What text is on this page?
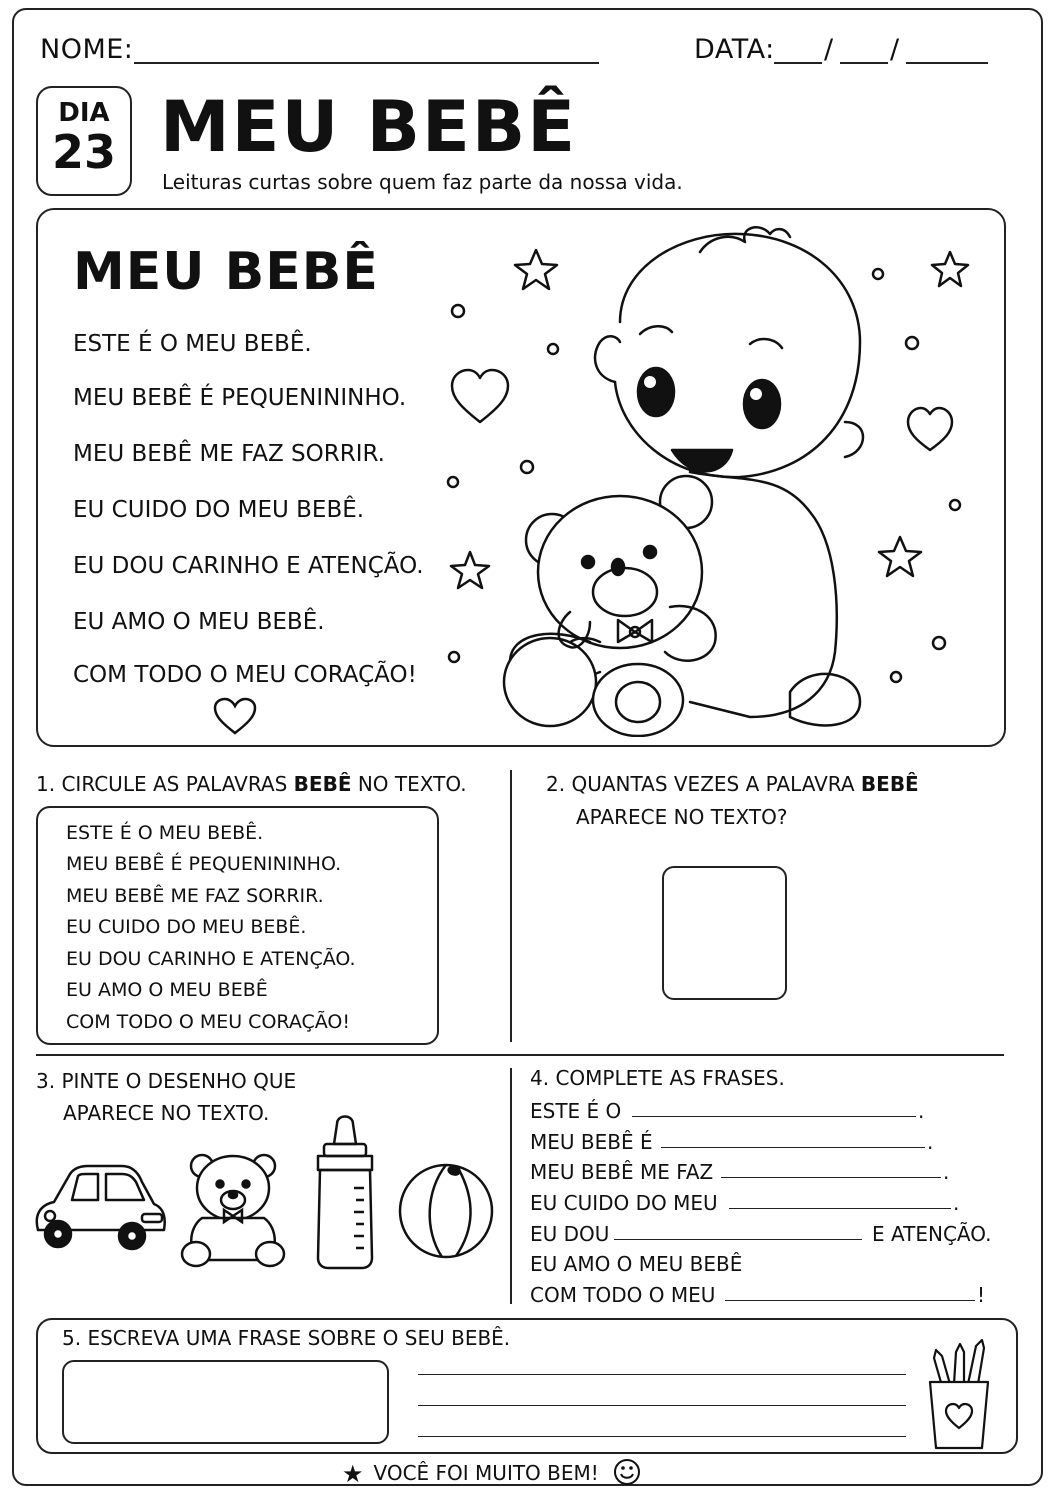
NOME:	DATA: / /
DIA
23 MEU BEBÊ
Leituras curtas sobre quem faz parte da nossa vida.
MEU BEBÊ
ESTE É O MEU BEBÊ.
MEU BEBÊ É PEQUENININHO.
MEU BEBÊ ME FAZ SORRIR.
EU CUIDO DO MEU BEBÊ.
EU DOU CARINHO E ATENÇÃO.
EU AMO O MEU BEBÊ.
COM TODO O MEU CORAÇÃO!
1. CIRCULE AS PALAVRAS BEBÊ NO TEXTO.
ESTE É O MEU BEBÊ.
MEU BEBÊ É PEQUENININHO.
MEU BEBÊ ME FAZ SORRIR.
EU CUIDO DO MEU BEBÊ.
EU DOU CARINHO E ATENÇÃO.
EU AMO O MEU BEBÊ
COM TODO O MEU CORAÇÃO!
2. QUANTAS VEZES A PALAVRA BEBÊ
APARECE NO TEXTO?
3. PINTE O DESENHO QUE
APARECE NO TEXTO.
4. COMPLETE AS FRASES.
ESTE É O	.
MEU BEBÊ É	.
MEU BEBÊ ME FAZ	.
EU CUIDO DO MEU	.
EU DOU	E ATENÇÃO.
EU AMO O MEU BEBÊ
COM TODO O MEU	!
5. ESCREVA UMA FRASE SOBRE O SEU BEBÊ.
★ VOCÊ FOI MUITO BEM!
